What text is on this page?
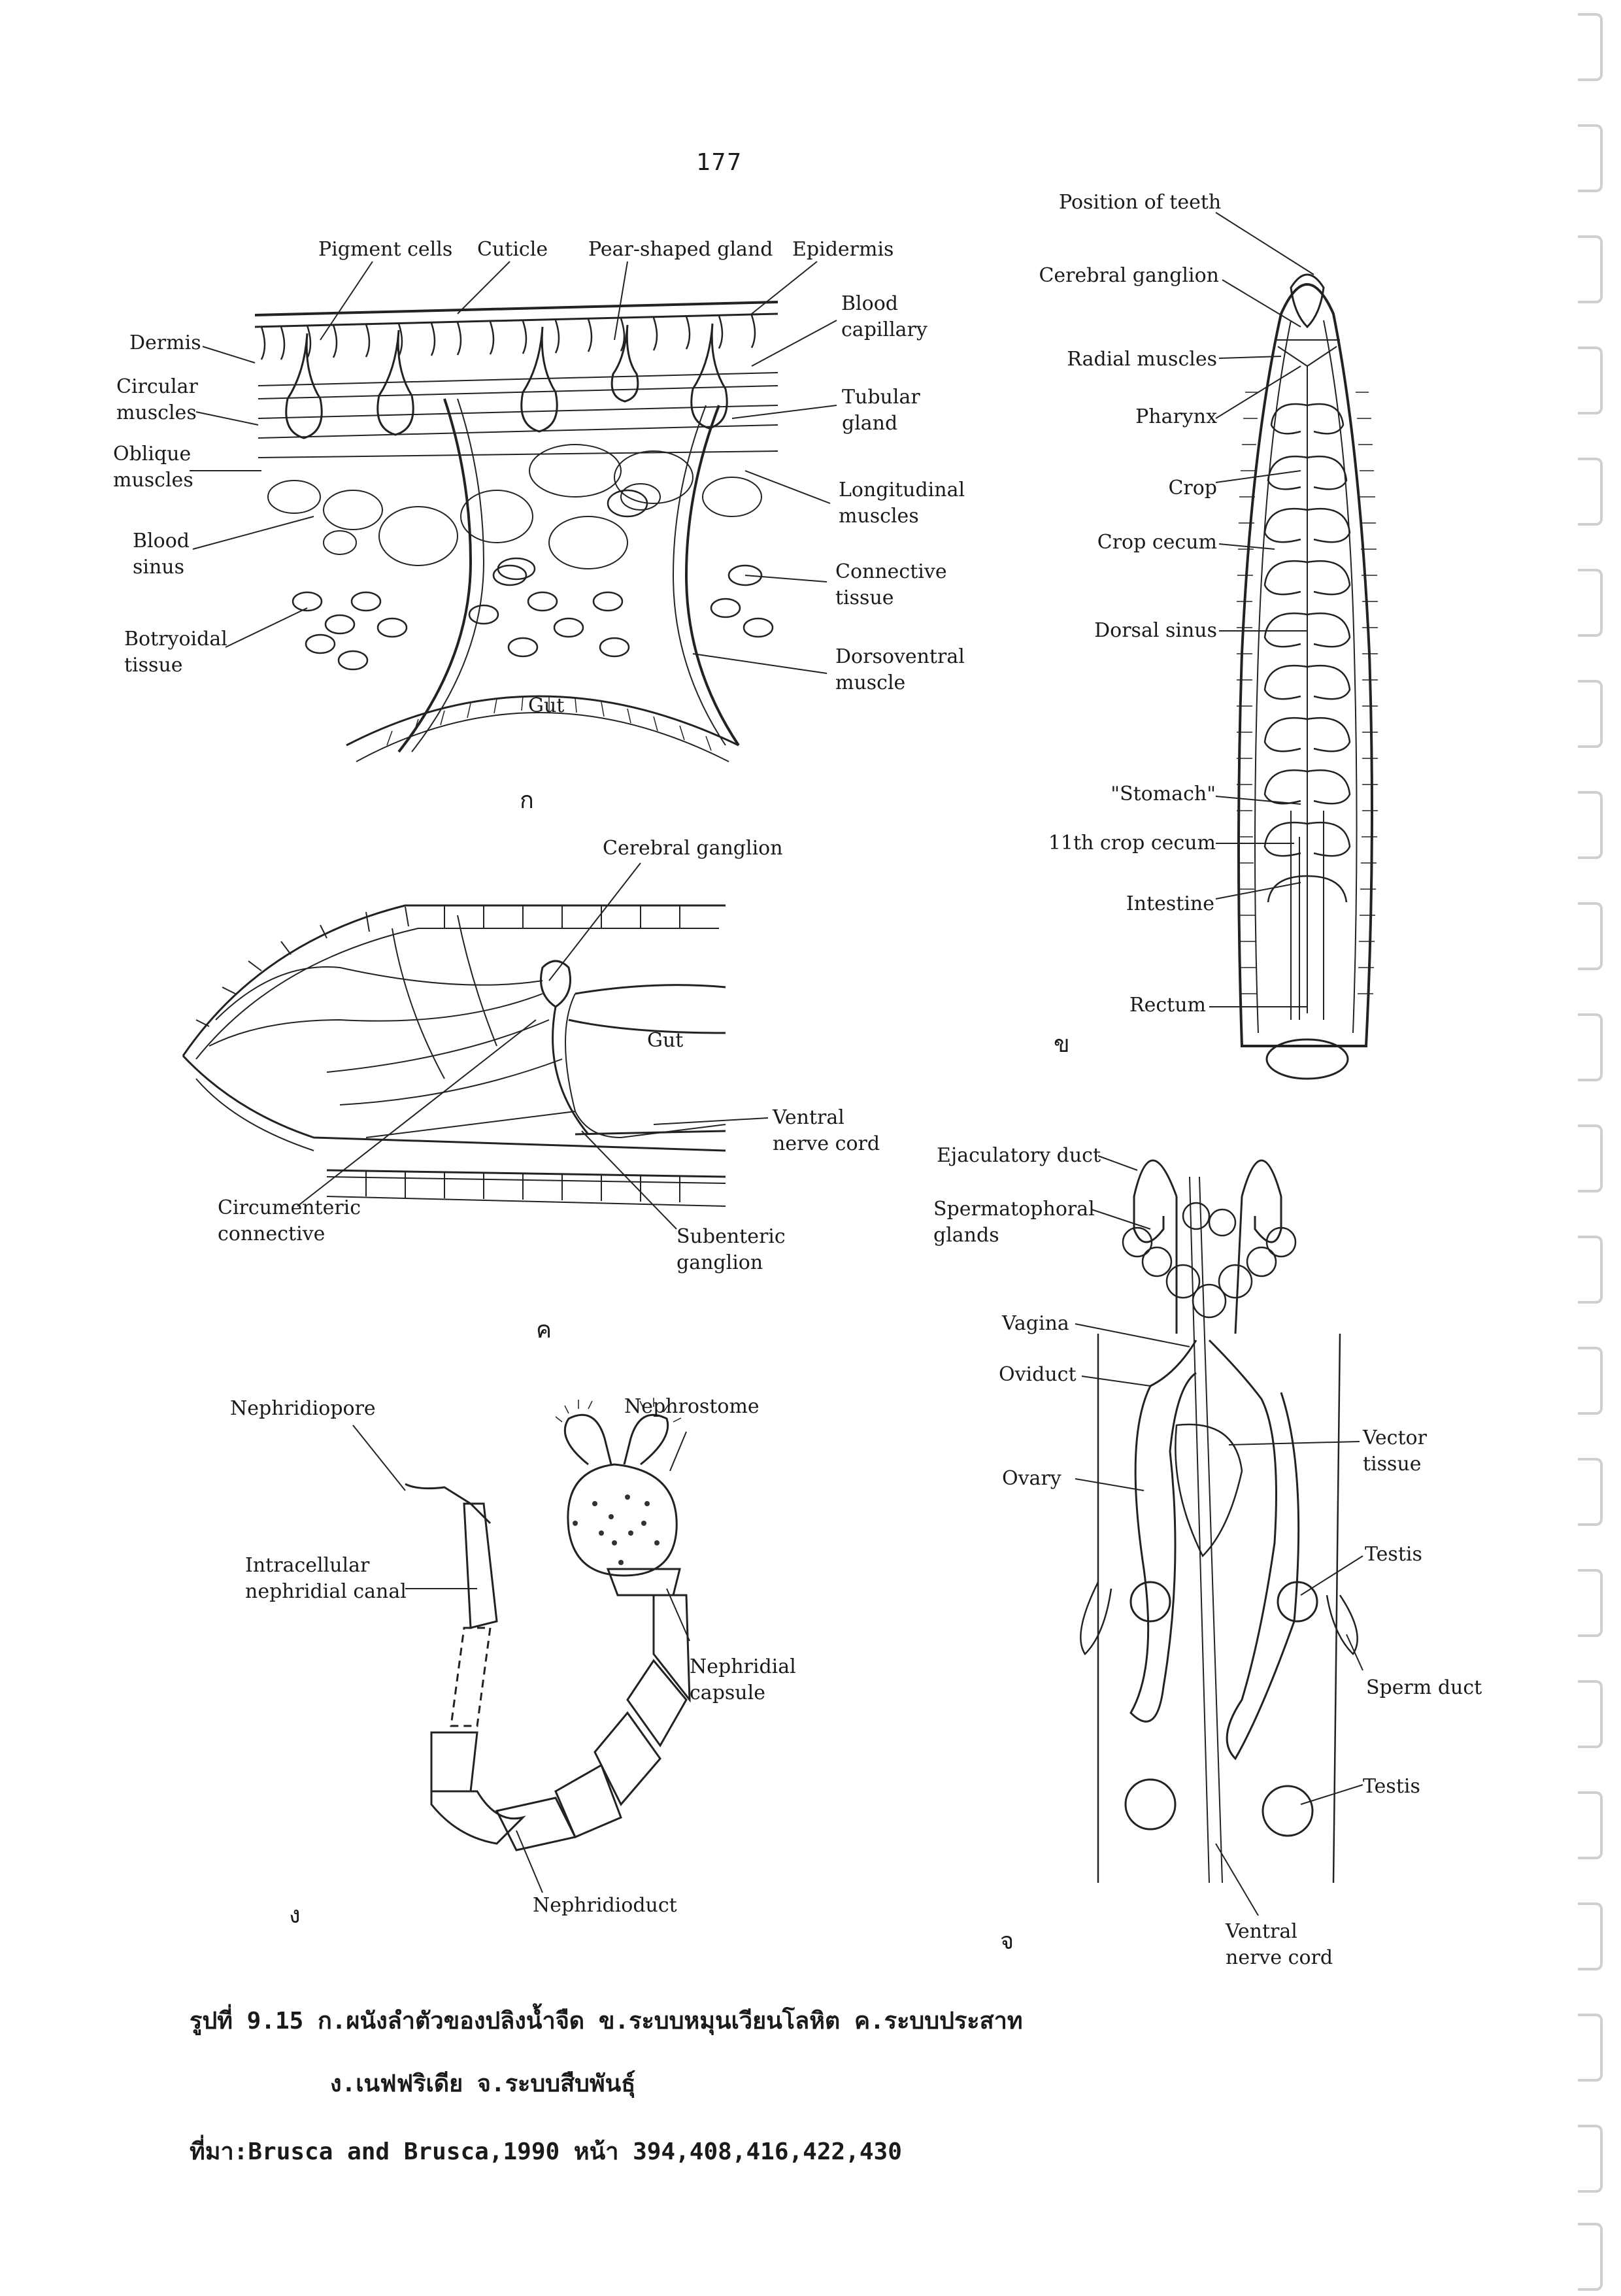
177
Pigment cells Cuticle Pear-shaped gland Epidermis
Dermis
Circular
muscles
Oblique
muscles
Blood
sinus
Botryoidal
tissue
Blood
capillary
Tubular
gland
Longitudinal
muscles
Connective
tissue
Dorsoventral
muscle
Gut
ก
Position of teeth
Cerebral ganglion
Radial muscles
Pharynx
Crop
Crop cecum
Dorsal sinus
"Stomach"
11th crop cecum
Intestine
Rectum
ข
Cerebral ganglion
Gut
Ventral
nerve cord
Circumenteric
connective	Subenteric
ganglion
ค
Nephridiopore	Nephrostome
Intracellular
nephridial canal
Nephridial
capsule
Nephridioduct
ง
Ejaculatory duct
Spermatophoral
glands
Vagina
Oviduct
Ovary
Vector
tissue
Testis
Sperm duct
Testis
Ventral
nerve cord
จ
รูปที่ 9.15 ก.ผนังลำตัวของปลิงน้ำจืด ข.ระบบหมุนเวียนโลหิต ค.ระบบประสาท
ง.เนฟฟริเดีย จ.ระบบสืบพันธุ์
ที่มา:Brusca and Brusca,1990 หน้า 394,408,416,422,430
